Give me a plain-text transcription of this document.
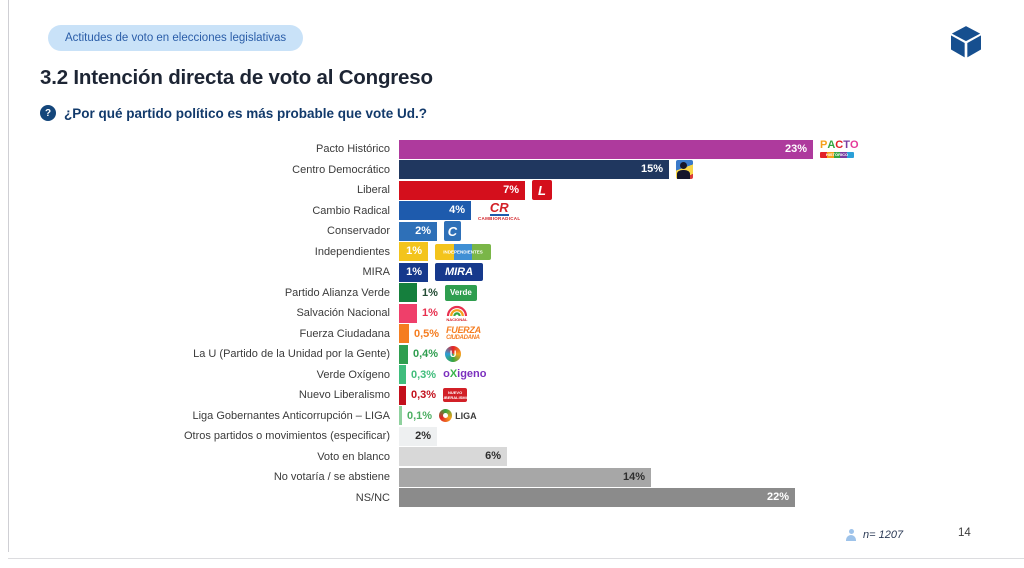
Actitudes de voto en elecciones legislativas
3.2 Intención directa de voto al Congreso
? ¿Por qué partido político es más probable que vote Ud.?
Pacto Histórico	23% P A C T O
HISTÓRICO
Centro Democrático	15%
Liberal	7% L
Cambio Radical	4% CR
CAMBIORADICAL
Conservador	2% C
Independientes	1%	INDEPENDIENTES
MIRA	1% MIRA
Partido Alianza Verde	1% Verde
Salvación Nacional	1%
NACIONAL
Fuerza Ciudadana	0,5% FUERZA
CIUDADANA
La U (Partido de la Unidad por la Gente)	0,4% U
Verde Oxígeno	0,3% oXigeno
Nuevo Liberalismo	0,3%	NUEVO
LIBERALISMO
Liga Gobernantes Anticorrupción – LIGA	0,1%	LIGA
Otros partidos o movimientos (especificar)	2%
Voto en blanco	6%
No votaría / se abstiene	14%
NS/NC	22%
n= 1207	14
